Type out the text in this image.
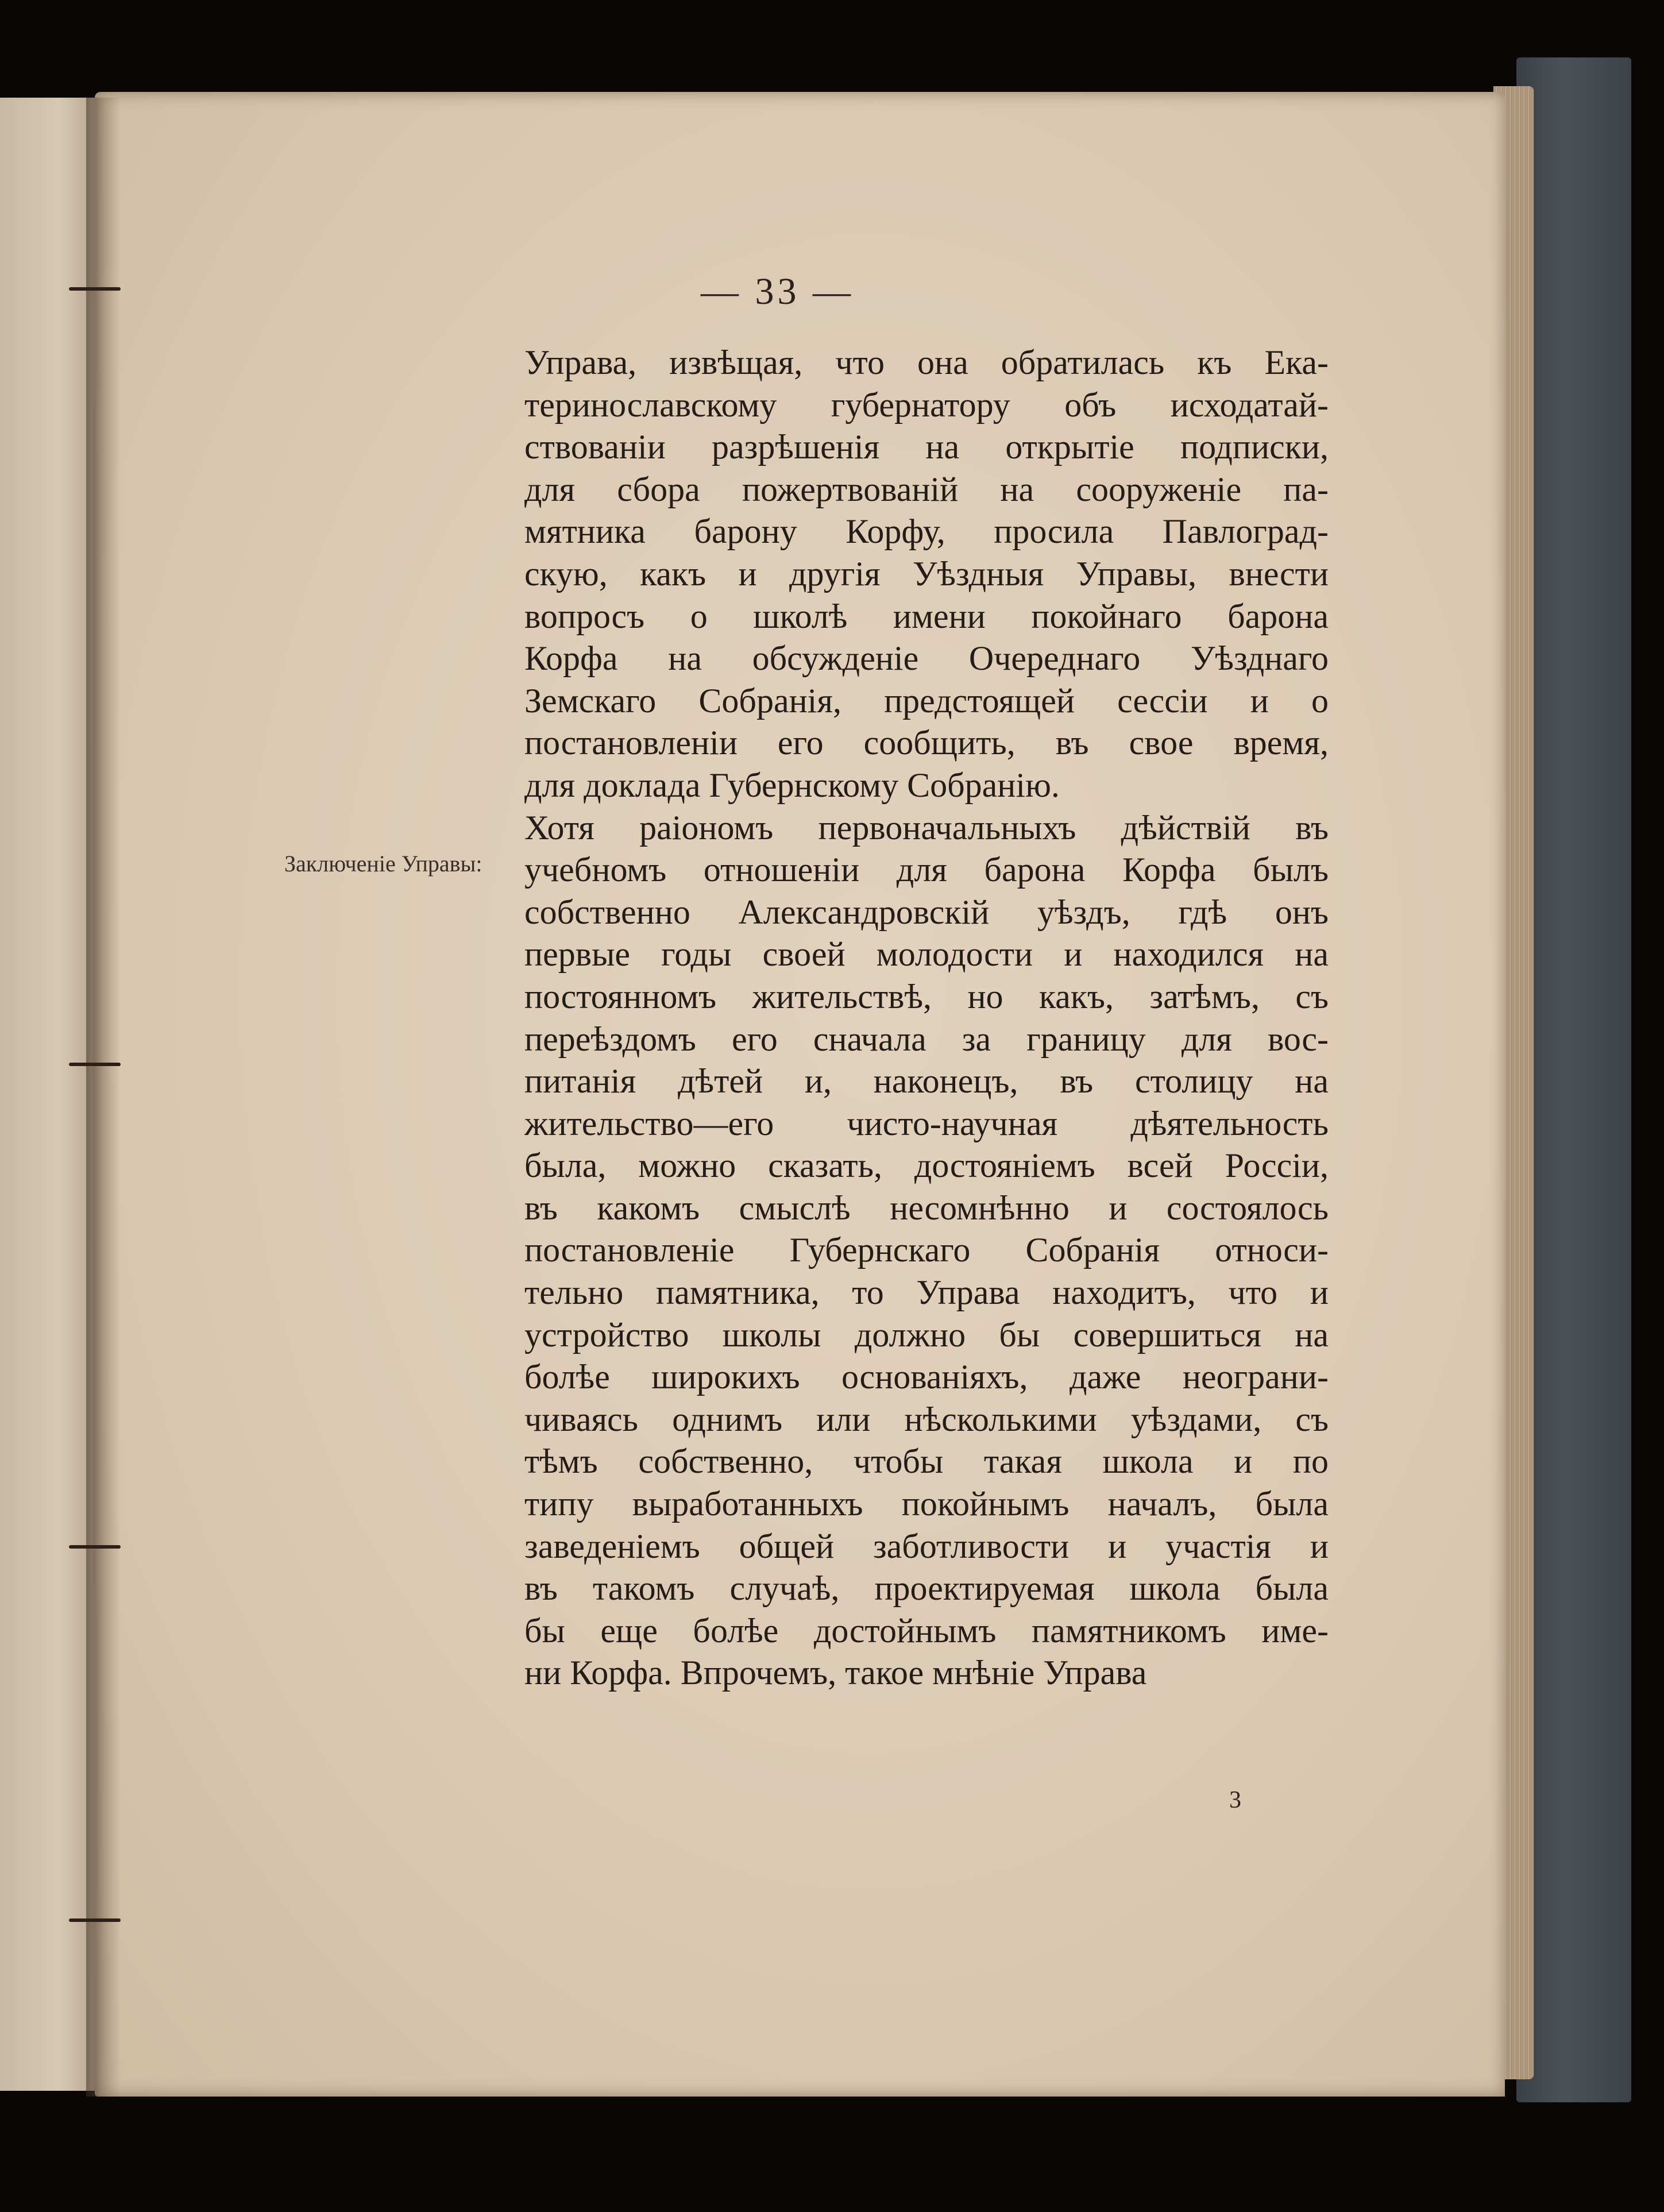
— 33 —
Заключеніе Управы:
Управа, извѣщая, что она обратилась къ Ека-
теринославскому губернатору объ исходатай-
ствованіи разрѣшенія на открытіе подписки,
для сбора пожертвованій на сооруженіе па-
мятника барону Корфу, просила Павлоград-
скую, какъ и другія Уѣздныя Управы, внести
вопросъ о школѣ имени покойнаго барона
Корфа на обсужденіе Очереднаго Уѣзднаго
Земскаго Собранія, предстоящей сессіи и о
постановленіи его сообщить, въ свое время,
для доклада Губернскому Собранію.
Хотя раіономъ первоначальныхъ дѣйствій въ
учебномъ отношеніи для барона Корфа былъ
собственно Александровскій уѣздъ, гдѣ онъ
первые годы своей молодости и находился на
постоянномъ жительствѣ, но какъ, затѣмъ, съ
переѣздомъ его сначала за границу для вос-
питанія дѣтей и, наконецъ, въ столицу на
жительство—его чисто-научная дѣятельность
была, можно сказать, достояніемъ всей Россіи,
въ какомъ смыслѣ несомнѣнно и состоялось
постановленіе Губернскаго Собранія относи-
тельно памятника, то Управа находитъ, что и
устройство школы должно бы совершиться на
болѣе широкихъ основаніяхъ, даже неограни-
чиваясь однимъ или нѣсколькими уѣздами, съ
тѣмъ собственно, чтобы такая школа и по
типу выработанныхъ покойнымъ началъ, была
заведеніемъ общей заботливости и участія и
въ такомъ случаѣ, проектируемая школа была
бы еще болѣе достойнымъ памятникомъ име-
ни Корфа. Впрочемъ, такое мнѣніе Управа
3
